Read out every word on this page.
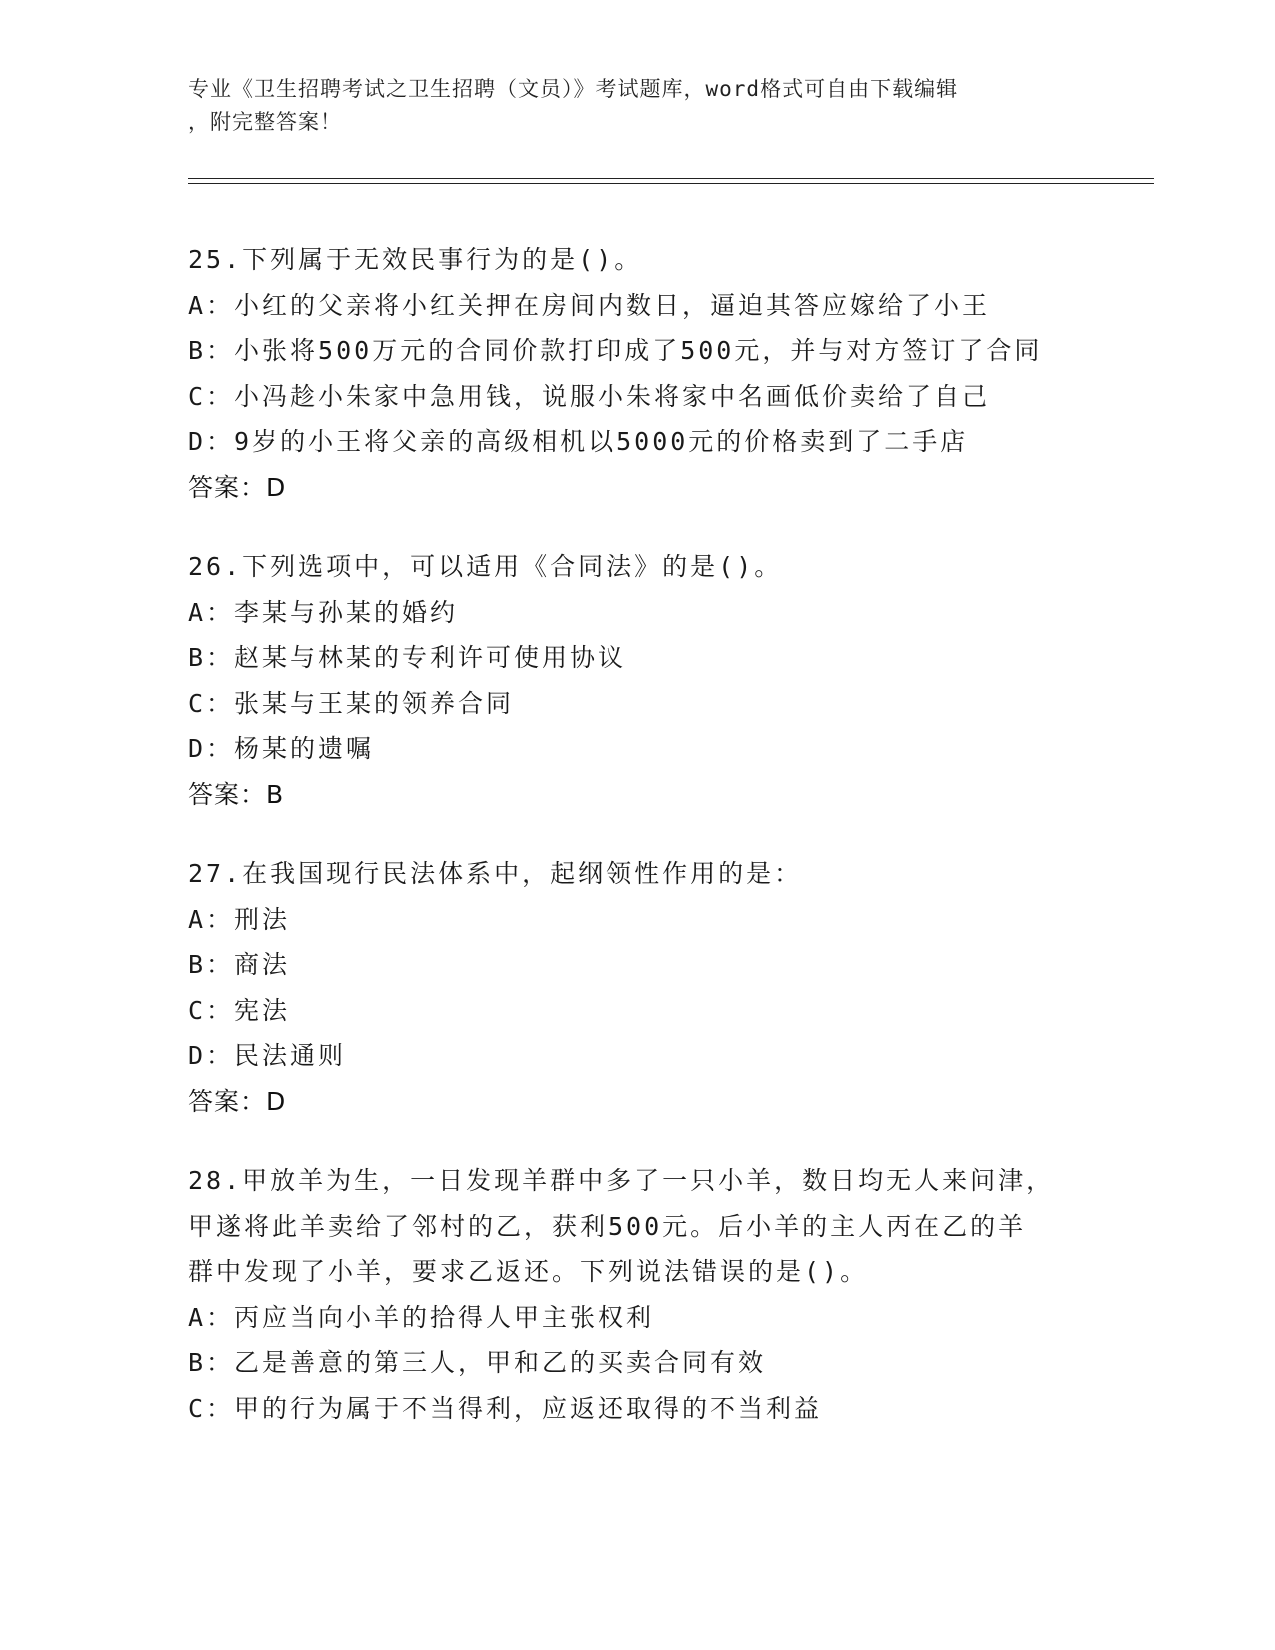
专业《卫生招聘考试之卫生招聘（文员）》考试题库，word格式可自由下载编辑
，附完整答案！
25.下列属于无效民事行为的是()。
A：小红的父亲将小红关押在房间内数日，逼迫其答应嫁给了小王
B：小张将500万元的合同价款打印成了500元，并与对方签订了合同
C：小冯趁小朱家中急用钱，说服小朱将家中名画低价卖给了自己
D：9岁的小王将父亲的高级相机以5000元的价格卖到了二手店
答案：D
26.下列选项中，可以适用《合同法》的是()。
A：李某与孙某的婚约
B：赵某与林某的专利许可使用协议
C：张某与王某的领养合同
D：杨某的遗嘱
答案：B
27.在我国现行民法体系中，起纲领性作用的是：
A：刑法
B：商法
C：宪法
D：民法通则
答案：D
28.甲放羊为生，一日发现羊群中多了一只小羊，数日均无人来问津，
甲遂将此羊卖给了邻村的乙，获利500元。后小羊的主人丙在乙的羊
群中发现了小羊，要求乙返还。下列说法错误的是()。
A：丙应当向小羊的拾得人甲主张权利
B：乙是善意的第三人，甲和乙的买卖合同有效
C：甲的行为属于不当得利，应返还取得的不当利益
